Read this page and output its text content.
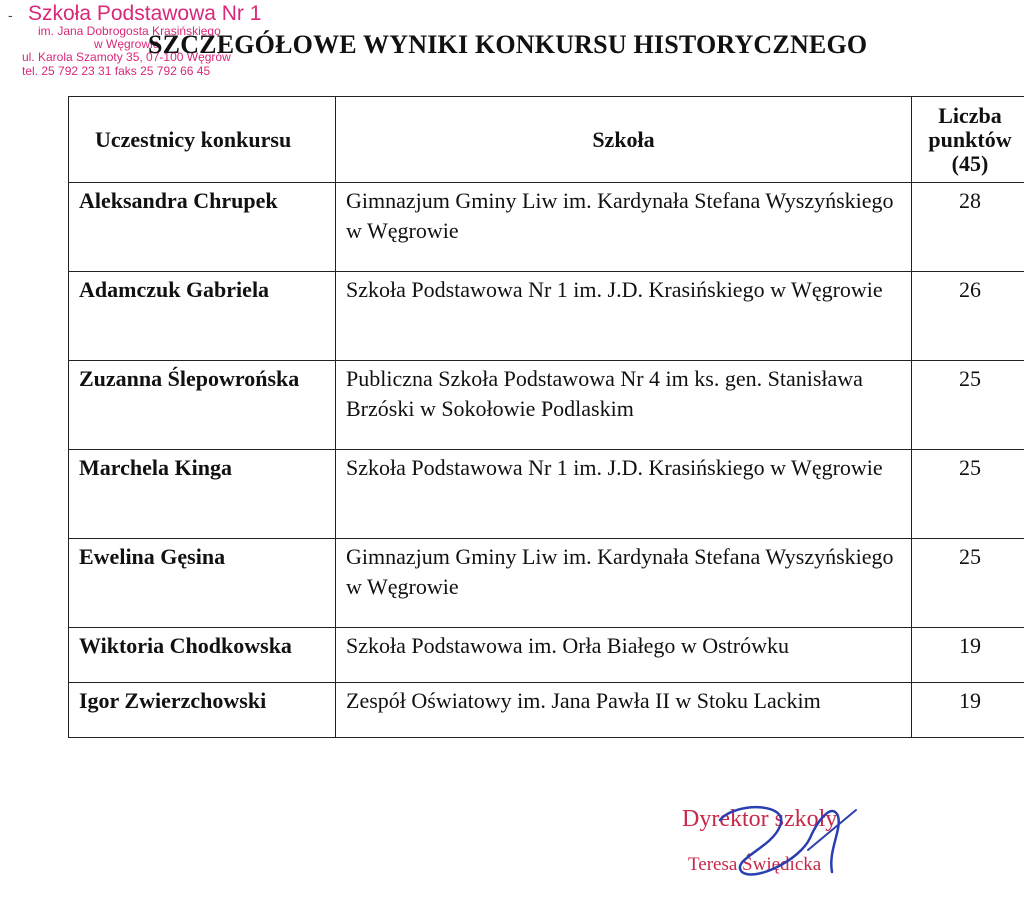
- Szkoła Podstawowa Nr 1
im. Jana Dobrogosta Krasińskiego
w Węgrowie
ul. Karola Szamoty 35, 07-100 Węgrów
tel. 25 792 23 31 faks 25 792 66 45
SZCZEGÓŁOWE WYNIKI KONKURSU HISTORYCZNEGO
Uczestnicy konkursu	Szkoła	Liczba punktów (45)
Aleksandra Chrupek	Gimnazjum Gminy Liw im. Kardynała Stefana Wyszyńskiego w Węgrowie	28
Adamczuk Gabriela	Szkoła Podstawowa Nr 1 im. J.D. Krasińskiego w Węgrowie	26
Zuzanna Ślepowrońska	Publiczna Szkoła Podstawowa Nr 4 im ks. gen. Stanisława Brzóski w Sokołowie Podlaskim	25
Marchela Kinga	Szkoła Podstawowa Nr 1 im. J.D. Krasińskiego w Węgrowie	25
Ewelina Gęsina	Gimnazjum Gminy Liw im. Kardynała Stefana Wyszyńskiego w Węgrowie	25
Wiktoria Chodkowska	Szkoła Podstawowa im. Orła Białego w Ostrówku	19
Igor Zwierzchowski	Zespół Oświatowy im. Jana Pawła II w Stoku Lackim	19
Dyrektor szkoły
Teresa Świędicka
